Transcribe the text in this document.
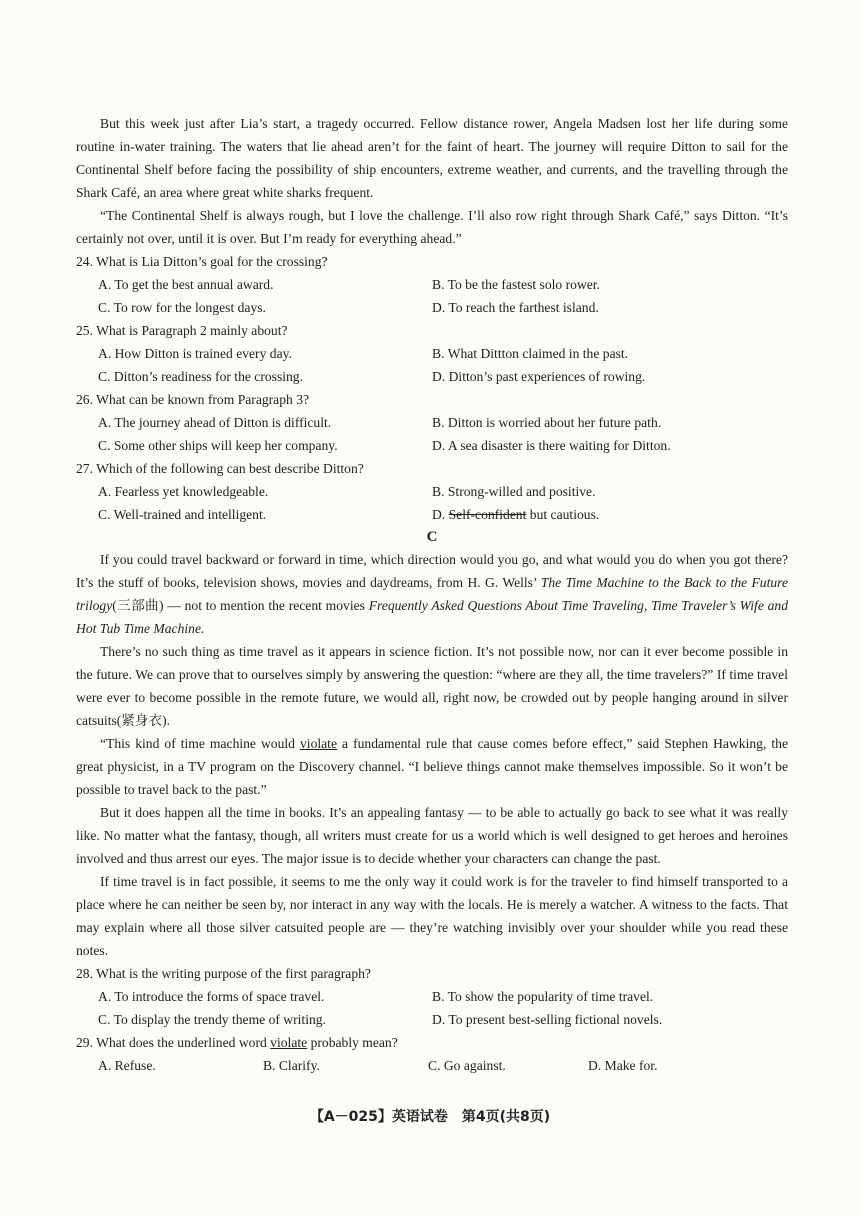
But this week just after Lia’s start, a tragedy occurred. Fellow distance rower, Angela Madsen lost her life during some routine in-water training. The waters that lie ahead aren’t for the faint of heart. The journey will require Ditton to sail for the Continental Shelf before facing the possibility of ship encounters, extreme weather, and currents, and the travelling through the Shark Café, an area where great white sharks frequent.

“The Continental Shelf is always rough, but I love the challenge. I’ll also row right through Shark Café,” says Ditton. “It’s certainly not over, until it is over. But I’m ready for everything ahead.”

24. What is Lia Ditton’s goal for the crossing?
A. To get the best annual award.	B. To be the fastest solo rower.
C. To row for the longest days.	D. To reach the farthest island.
25. What is Paragraph 2 mainly about?
A. How Ditton is trained every day.	B. What Dittton claimed in the past.
C. Ditton’s readiness for the crossing.	D. Ditton’s past experiences of rowing.
26. What can be known from Paragraph 3?
A. The journey ahead of Ditton is difficult.	B. Ditton is worried about her future path.
C. Some other ships will keep her company.	D. A sea disaster is there waiting for Ditton.
27. Which of the following can best describe Ditton?
A. Fearless yet knowledgeable.	B. Strong-willed and positive.
C. Well-trained and intelligent.	D. Self-confident but cautious.
C

If you could travel backward or forward in time, which direction would you go, and what would you do when you got there? It’s the stuff of books, television shows, movies and daydreams, from H. G. Wells’ The Time Machine to the Back to the Future trilogy(三部曲) — not to mention the recent movies Frequently Asked Questions About Time Traveling, Time Traveler’s Wife and Hot Tub Time Machine.

There’s no such thing as time travel as it appears in science fiction. It’s not possible now, nor can it ever become possible in the future. We can prove that to ourselves simply by answering the question: “where are they all, the time travelers?” If time travel were ever to become possible in the remote future, we would all, right now, be crowded out by people hanging around in silver catsuits(紧身衣).

“This kind of time machine would violate a fundamental rule that cause comes before effect,” said Stephen Hawking, the great physicist, in a TV program on the Discovery channel. “I believe things cannot make themselves impossible. So it won’t be possible to travel back to the past.”

But it does happen all the time in books. It’s an appealing fantasy — to be able to actually go back to see what it was really like. No matter what the fantasy, though, all writers must create for us a world which is well designed to get heroes and heroines involved and thus arrest our eyes. The major issue is to decide whether your characters can change the past.

If time travel is in fact possible, it seems to me the only way it could work is for the traveler to find himself transported to a place where he can neither be seen by, nor interact in any way with the locals. He is merely a watcher. A witness to the facts. That may explain where all those silver catsuited people are — they’re watching invisibly over your shoulder while you read these notes.

28. What is the writing purpose of the first paragraph?
A. To introduce the forms of space travel.	B. To show the popularity of time travel.
C. To display the trendy theme of writing.	D. To present best-selling fictional novels.
29. What does the underlined word violate probably mean?
A. Refuse.	B. Clarify.	C. Go against.	D. Make for.
【A－025】英语试卷　第4页(共8页)
